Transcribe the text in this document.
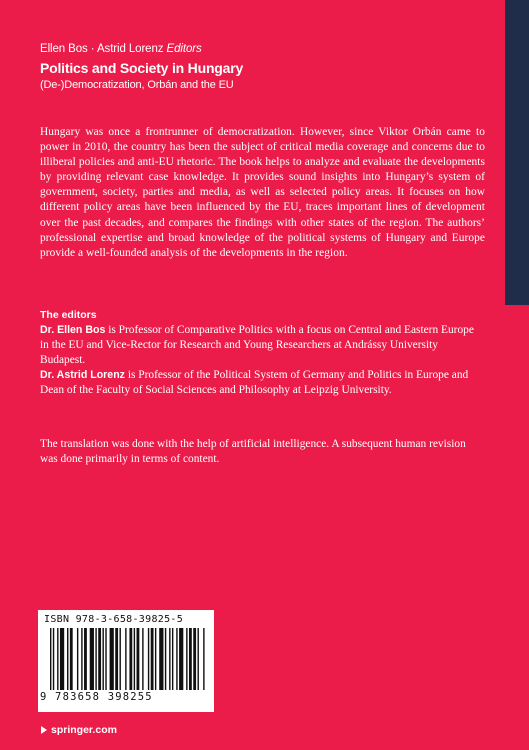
Ellen Bos · Astrid Lorenz Editors
Politics and Society in Hungary
(De-)Democratization, Orbán and the EU
Hungary was once a frontrunner of democratization. However, since Viktor Orbán came to power in 2010, the country has been the subject of critical media coverage and concerns due to illiberal policies and anti-EU rhetoric. The book helps to analyze and evaluate the developments by providing relevant case knowledge. It provides sound insights into Hungary’s system of government, society, parties and media, as well as selected policy areas. It focuses on how different policy areas have been influenced by the EU, traces important lines of development over the past decades, and compares the findings with other states of the region. The authors’ professional expertise and broad knowledge of the political systems of Hungary and Europe provide a well-founded analysis of the developments in the region.
The editors
Dr. Ellen Bos is Professor of Comparative Politics with a focus on Central and Eastern Europe in the EU and Vice-Rector for Research and Young Researchers at Andrássy University Budapest.
Dr. Astrid Lorenz is Professor of the Political System of Germany and Politics in Europe and Dean of the Faculty of Social Sciences and Philosophy at Leipzig University.
The translation was done with the help of artificial intelligence. A subsequent human revision was done primarily in terms of content.
ISBN 978-3-658-39825-5
9 783658 398255
springer.com
